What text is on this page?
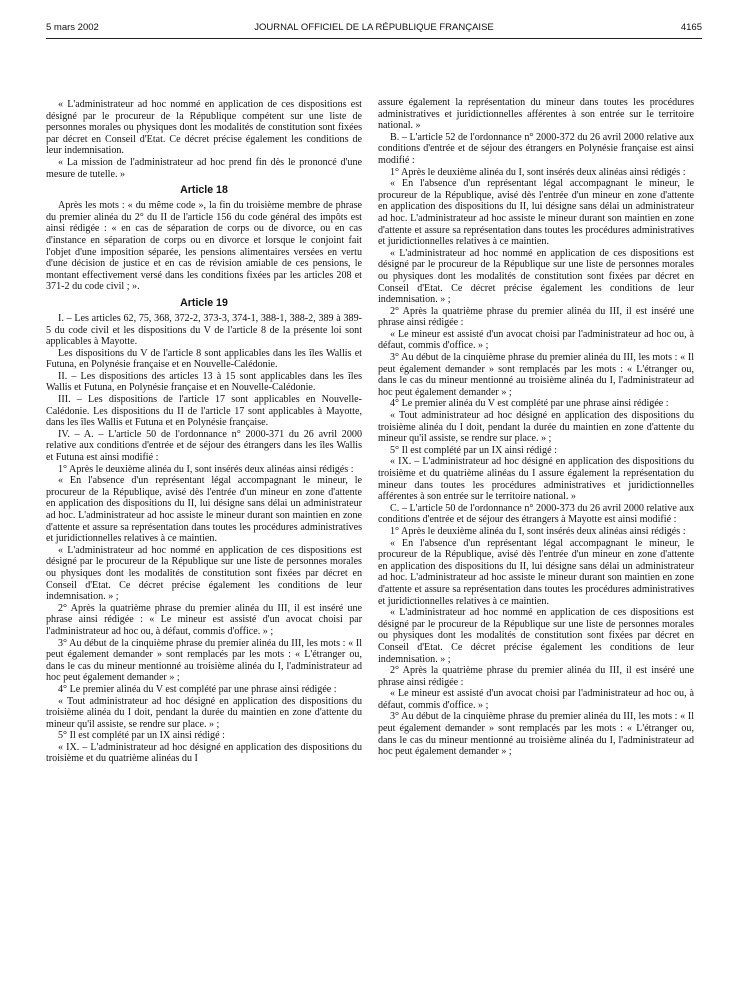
5 mars 2002	JOURNAL OFFICIEL DE LA RÉPUBLIQUE FRANÇAISE	4165

« L'administrateur ad hoc nommé en application de ces dispositions est désigné par le procureur de la République compétent sur une liste de personnes morales ou physiques dont les modalités de constitution sont fixées par décret en Conseil d'Etat. Ce décret précise également les conditions de leur indemnisation.

« La mission de l'administrateur ad hoc prend fin dès le prononcé d'une mesure de tutelle. »

Article 18

Après les mots : « du même code », la fin du troisième membre de phrase du premier alinéa du 2° du II de l'article 156 du code général des impôts est ainsi rédigée : « en cas de séparation de corps ou de divorce, ou en cas d'instance en séparation de corps ou en divorce et lorsque le conjoint fait l'objet d'une imposition séparée, les pensions alimentaires versées en vertu d'une décision de justice et en cas de révision amiable de ces pensions, le montant effectivement versé dans les conditions fixées par les articles 208 et 371-2 du code civil ; ».

Article 19

I. – Les articles 62, 75, 368, 372-2, 373-3, 374-1, 388-1, 388-2, 389 à 389-5 du code civil et les dispositions du V de l'article 8 de la présente loi sont applicables à Mayotte.

Les dispositions du V de l'article 8 sont applicables dans les îles Wallis et Futuna, en Polynésie française et en Nouvelle-Calédonie.

II. – Les dispositions des articles 13 à 15 sont applicables dans les îles Wallis et Futuna, en Polynésie française et en Nouvelle-Calédonie.

III. – Les dispositions de l'article 17 sont applicables en Nouvelle-Calédonie. Les dispositions du II de l'article 17 sont applicables à Mayotte, dans les îles Wallis et Futuna et en Polynésie française.

IV. – A. – L'article 50 de l'ordonnance n° 2000-371 du 26 avril 2000 relative aux conditions d'entrée et de séjour des étrangers dans les îles Wallis et Futuna est ainsi modifié :

1° Après le deuxième alinéa du I, sont insérés deux alinéas ainsi rédigés :

« En l'absence d'un représentant légal accompagnant le mineur, le procureur de la République, avisé dès l'entrée d'un mineur en zone d'attente en application des dispositions du II, lui désigne sans délai un administrateur ad hoc. L'administrateur ad hoc assiste le mineur durant son maintien en zone d'attente et assure sa représentation dans toutes les procédures administratives et juridictionnelles relatives à ce maintien.

« L'administrateur ad hoc nommé en application de ces dispositions est désigné par le procureur de la République sur une liste de personnes morales ou physiques dont les modalités de constitution sont fixées par décret en Conseil d'Etat. Ce décret précise également les conditions de leur indemnisation. » ;

2° Après la quatrième phrase du premier alinéa du III, il est inséré une phrase ainsi rédigée : « Le mineur est assisté d'un avocat choisi par l'administrateur ad hoc ou, à défaut, commis d'office. » ;

3° Au début de la cinquième phrase du premier alinéa du III, les mots : « Il peut également demander » sont remplacés par les mots : « L'étranger ou, dans le cas du mineur mentionné au troisième alinéa du I, l'administrateur ad hoc peut également demander » ;

4° Le premier alinéa du V est complété par une phrase ainsi rédigée :

« Tout administrateur ad hoc désigné en application des dispositions du troisième alinéa du I doit, pendant la durée du maintien en zone d'attente du mineur qu'il assiste, se rendre sur place. » ;

5° Il est complété par un IX ainsi rédigé :

« IX. – L'administrateur ad hoc désigné en application des dispositions du troisième et du quatrième alinéas du I

assure également la représentation du mineur dans toutes les procédures administratives et juridictionnelles afférentes à son entrée sur le territoire national. »

B. – L'article 52 de l'ordonnance n° 2000-372 du 26 avril 2000 relative aux conditions d'entrée et de séjour des étrangers en Polynésie française est ainsi modifié :

1° Après le deuxième alinéa du I, sont insérés deux alinéas ainsi rédigés :

« En l'absence d'un représentant légal accompagnant le mineur, le procureur de la République, avisé dès l'entrée d'un mineur en zone d'attente en application des dispositions du II, lui désigne sans délai un administrateur ad hoc. L'administrateur ad hoc assiste le mineur durant son maintien en zone d'attente et assure sa représentation dans toutes les procédures administratives et juridictionnelles relatives à ce maintien.

« L'administrateur ad hoc nommé en application de ces dispositions est désigné par le procureur de la République sur une liste de personnes morales ou physiques dont les modalités de constitution sont fixées par décret en Conseil d'Etat. Ce décret précise également les conditions de leur indemnisation. » ;

2° Après la quatrième phrase du premier alinéa du III, il est inséré une phrase ainsi rédigée :

« Le mineur est assisté d'un avocat choisi par l'administrateur ad hoc ou, à défaut, commis d'office. » ;

3° Au début de la cinquième phrase du premier alinéa du III, les mots : « Il peut également demander » sont remplacés par les mots : « L'étranger ou, dans le cas du mineur mentionné au troisième alinéa du I, l'administrateur ad hoc peut également demander » ;

4° Le premier alinéa du V est complété par une phrase ainsi rédigée :

« Tout administrateur ad hoc désigné en application des dispositions du troisième alinéa du I doit, pendant la durée du maintien en zone d'attente du mineur qu'il assiste, se rendre sur place. » ;

5° Il est complété par un IX ainsi rédigé :

« IX. – L'administrateur ad hoc désigné en application des dispositions du troisième et du quatrième alinéas du I assure également la représentation du mineur dans toutes les procédures administratives et juridictionnelles afférentes à son entrée sur le territoire national. »

C. – L'article 50 de l'ordonnance n° 2000-373 du 26 avril 2000 relative aux conditions d'entrée et de séjour des étrangers à Mayotte est ainsi modifié :

1° Après le deuxième alinéa du I, sont insérés deux alinéas ainsi rédigés :

« En l'absence d'un représentant légal accompagnant le mineur, le procureur de la République, avisé dès l'entrée d'un mineur en zone d'attente en application des dispositions du II, lui désigne sans délai un administrateur ad hoc. L'administrateur ad hoc assiste le mineur durant son maintien en zone d'attente et assure sa représentation dans toutes les procédures administratives et juridictionnelles relatives à ce maintien.

« L'administrateur ad hoc nommé en application de ces dispositions est désigné par le procureur de la République sur une liste de personnes morales ou physiques dont les modalités de constitution sont fixées par décret en Conseil d'Etat. Ce décret précise également les conditions de leur indemnisation. » ;

2° Après la quatrième phrase du premier alinéa du III, il est inséré une phrase ainsi rédigée :

« Le mineur est assisté d'un avocat choisi par l'administrateur ad hoc ou, à défaut, commis d'office. » ;

3° Au début de la cinquième phrase du premier alinéa du III, les mots : « Il peut également demander » sont remplacés par les mots : « L'étranger ou, dans le cas du mineur mentionné au troisième alinéa du I, l'administrateur ad hoc peut également demander » ;
